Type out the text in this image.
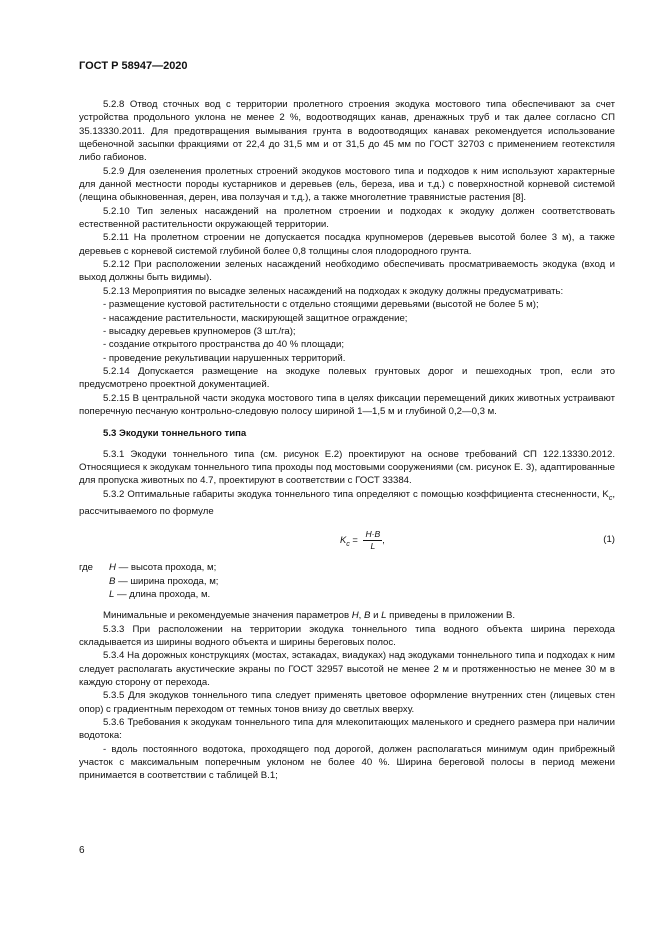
ГОСТ Р 58947—2020

5.2.8 Отвод сточных вод с территории пролетного строения экодука мостового типа обеспечивают за счет устройства продольного уклона не менее 2 %, водоотводящих канав, дренажных труб и так далее согласно СП 35.13330.2011. Для предотвращения вымывания грунта в водоотводящих канавах рекомендуется использование щебеночной засыпки фракциями от 22,4 до 31,5 мм и от 31,5 до 45 мм по ГОСТ 32703 с применением геотекстиля либо габионов.

5.2.9 Для озеленения пролетных строений экодуков мостового типа и подходов к ним используют характерные для данной местности породы кустарников и деревьев (ель, береза, ива и т.д.) с поверхностной корневой системой (лещина обыкновенная, дерен, ива ползучая и т.д.), а также многолетние травянистые растения [8].

5.2.10 Тип зеленых насаждений на пролетном строении и подходах к экодуку должен соответствовать естественной растительности окружающей территории.

5.2.11 На пролетном строении не допускается посадка крупномеров (деревьев высотой более 3 м), а также деревьев с корневой системой глубиной более 0,8 толщины слоя плодородного грунта.

5.2.12 При расположении зеленых насаждений необходимо обеспечивать просматриваемость экодука (вход и выход должны быть видимы).

5.2.13 Мероприятия по высадке зеленых насаждений на подходах к экодуку должны предусматривать:

- размещение кустовой растительности с отдельно стоящими деревьями (высотой не более 5 м);
- насаждение растительности, маскирующей защитное ограждение;
- высадку деревьев крупномеров (3 шт./га);
- создание открытого пространства до 40 % площади;
- проведение рекультивации нарушенных территорий.

5.2.14 Допускается размещение на экодуке полевых грунтовых дорог и пешеходных троп, если это предусмотрено проектной документацией.

5.2.15 В центральной части экодука мостового типа в целях фиксации перемещений диких животных устраивают поперечную песчаную контрольно-следовую полосу шириной 1—1,5 м и глубиной 0,2—0,3 м.

5.3 Экодуки тоннельного типа

5.3.1 Экодуки тоннельного типа (см. рисунок Е.2) проектируют на основе требований СП 122.13330.2012. Относящиеся к экодукам тоннельного типа проходы под мостовыми сооружениями (см. рисунок Е. 3), адаптированные для пропуска животных по 4.7, проектируют в соответствии с ГОСТ 33384.

5.3.2 Оптимальные габариты экодука тоннельного типа определяют с помощью коэффициента стесненности, $K_с$, рассчитываемого по формуле

$K_c = \frac{H\cdot B}{L}$ ,	(1)
где H — высота прохода, м;
B — ширина прохода, м;
L — длина прохода, м.

Минимальные и рекомендуемые значения параметров H, B и L приведены в приложении В.

5.3.3 При расположении на территории экодука тоннельного типа водного объекта ширина перехода складывается из ширины водного объекта и ширины береговых полос.

5.3.4 На дорожных конструкциях (мостах, эстакадах, виадуках) над экодуками тоннельного типа и подходах к ним следует располагать акустические экраны по ГОСТ 32957 высотой не менее 2 м и протяженностью не менее 30 м в каждую сторону от перехода.

5.3.5 Для экодуков тоннельного типа следует применять цветовое оформление внутренних стен (лицевых стен опор) с градиентным переходом от темных тонов внизу до светлых вверху.

5.3.6 Требования к экодукам тоннельного типа для млекопитающих маленького и среднего размера при наличии водотока:

- вдоль постоянного водотока, проходящего под дорогой, должен располагаться минимум один прибрежный участок с максимальным поперечным уклоном не более 40 %. Ширина береговой полосы в период межени принимается в соответствии с таблицей В.1;

6
